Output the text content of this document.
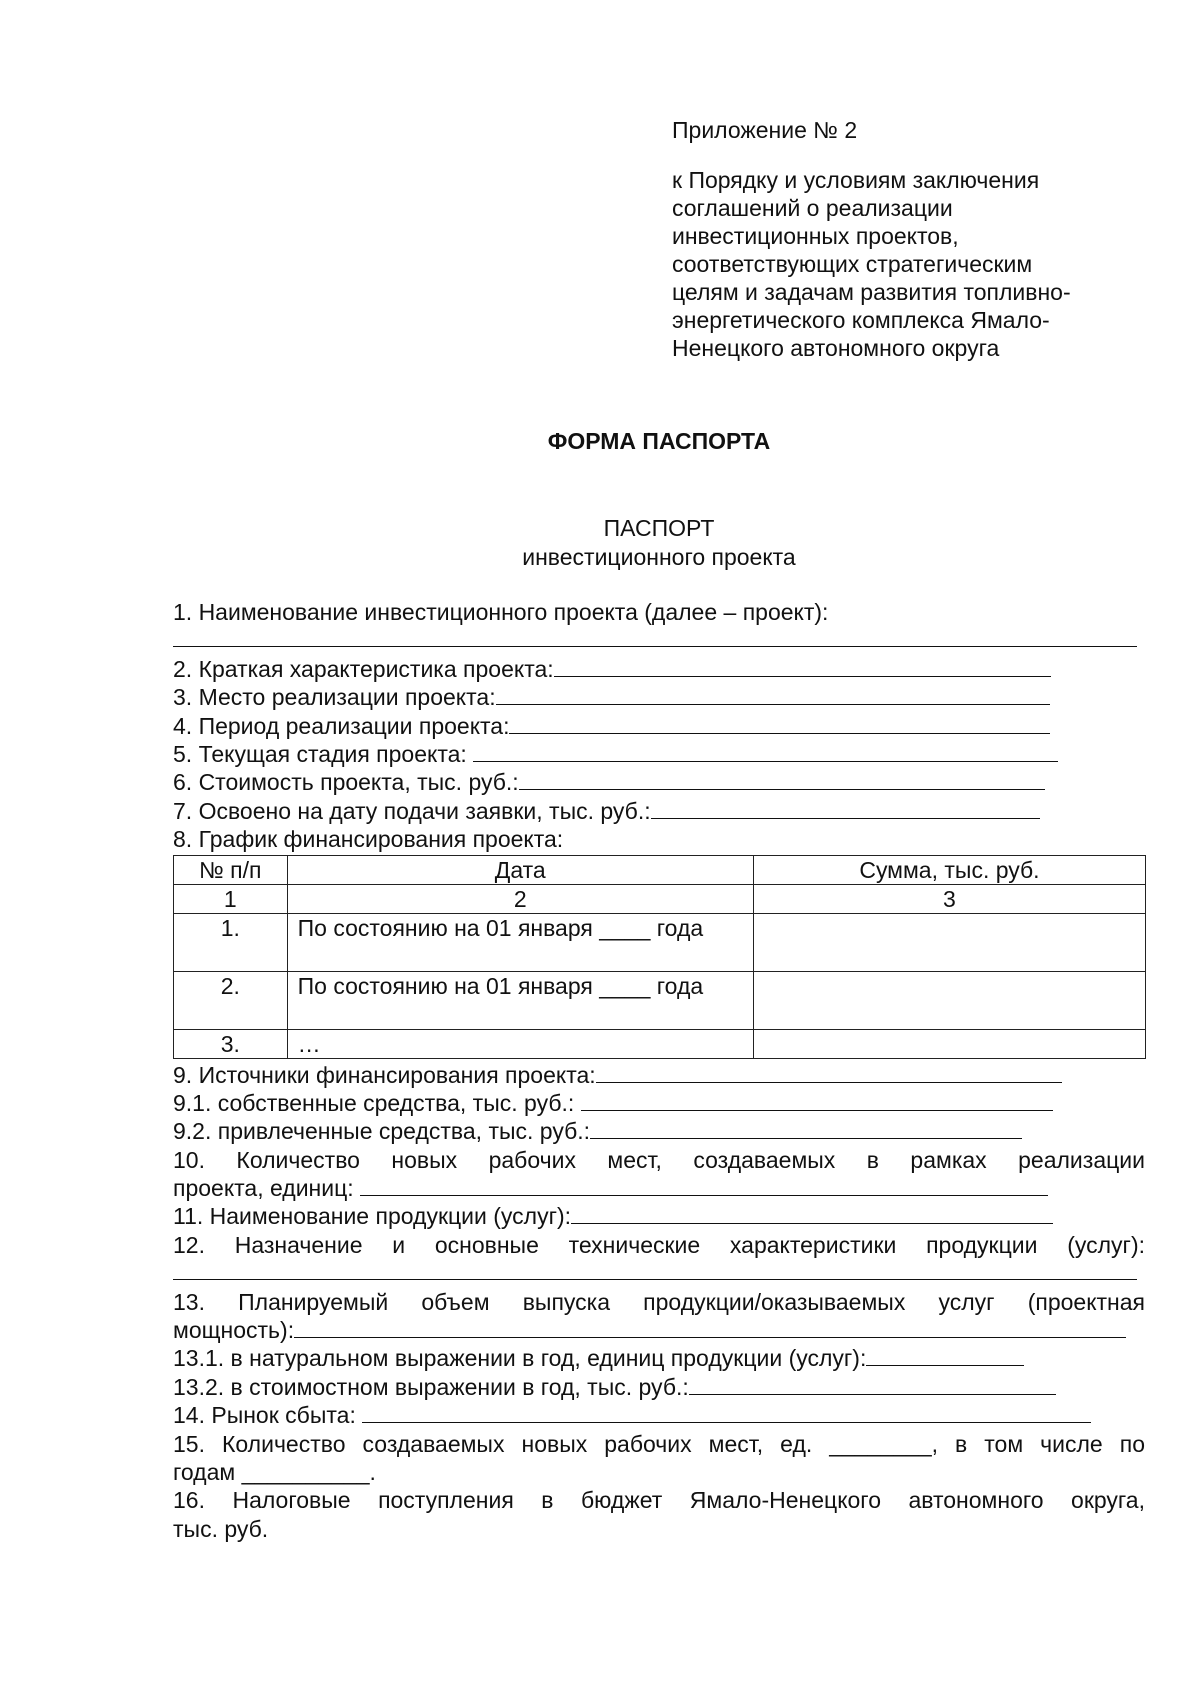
Приложение № 2
к Порядку и условиям заключения
соглашений о реализации
инвестиционных проектов,
соответствующих стратегическим
целям и задачам развития топливно-
энергетического комплекса Ямало-
Ненецкого автономного округа
ФОРМА ПАСПОРТА
ПАСПОРТ
инвестиционного проекта
1. Наименование инвестиционного проекта (далее – проект):
2. Краткая характеристика проекта:
3. Место реализации проекта:
4. Период реализации проекта:
5. Текущая стадия проекта:
6. Стоимость проекта, тыс. руб.:
7. Освоено на дату подачи заявки, тыс. руб.:
8. График финансирования проекта:
№ п/п	Дата	Сумма, тыс. руб.
1	2	3
1.	По состоянию на 01 января ____ года	
2.	По состоянию на 01 января ____ года	
3.	…	
9. Источники финансирования проекта:
9.1. собственные средства, тыс. руб.:
9.2. привлеченные средства, тыс. руб.:
10. Количество новых рабочих мест, создаваемых в рамках реализации
проекта, единиц:
11. Наименование продукции (услуг):
12. Назначение и основные технические характеристики продукции (услуг):
13. Планируемый объем выпуска продукции/оказываемых услуг (проектная
мощность):
13.1. в натуральном выражении в год, единиц продукции (услуг):
13.2. в стоимостном выражении в год, тыс. руб.:
14. Рынок сбыта:
15. Количество создаваемых новых рабочих мест, ед. ________, в том числе по
годам __________.
16. Налоговые поступления в бюджет Ямало-Ненецкого автономного округа,
тыс. руб.
